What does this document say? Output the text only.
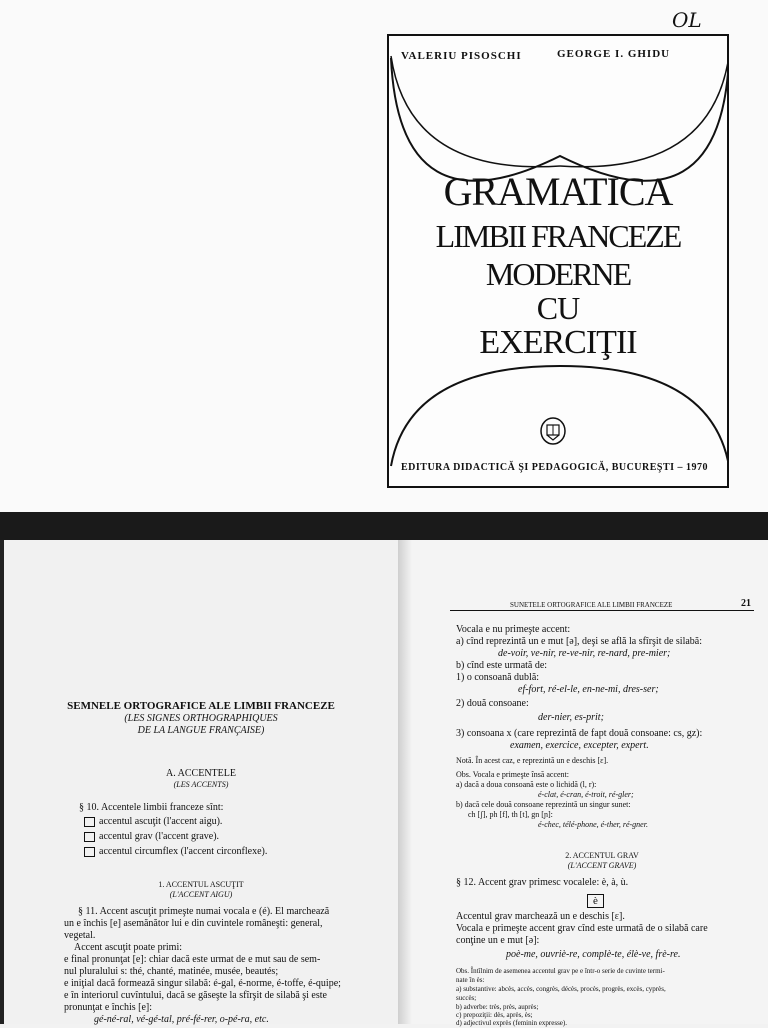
OL
VALERIU PISOSCHI	GEORGE I. GHIDU
GRAMATICA
LIMBII FRANCEZE
MODERNE
CU
EXERCIŢII
EDITURA DIDACTICĂ ŞI PEDAGOGICĂ, BUCUREŞTI – 1970
SEMNELE ORTOGRAFICE ALE LIMBII FRANCEZE
(LES SIGNES ORTHOGRAPHIQUES
DE LA LANGUE FRANÇAISE)
A. ACCENTELE
(LES ACCENTS)
§ 10. Accentele limbii franceze sînt:
accentul ascuţit (l'accent aigu).
accentul grav (l'accent grave).
accentul circumflex (l'accent circonflexe).
1. ACCENTUL ASCUŢIT
(L'ACCENT AIGU)
§ 11. Accent ascuţit primeşte numai vocala e (é). El marchează
un e închis [e] asemănător lui e din cuvintele româneşti: general,
vegetal.
Accent ascuţit poate primi:
e final pronunţat [e]: chiar dacă este urmat de e mut sau de sem-
nul pluralului s: thé, chanté, matinée, musée, beautés;
e iniţial dacă formează singur silabă: é-gal, é-norme, é-toffe, é-quipe;
e în interiorul cuvîntului, dacă se găseşte la sfîrşit de silabă şi este
pronunţat e închis [e]:
gé-né-ral, vé-gé-tal, pré-fé-rer, o-pé-ra, etc.
SUNETELE ORTOGRAFICE ALE LIMBII FRANCEZE	21
Vocala e nu primeşte accent:
a) cînd reprezintă un e mut [ə], deşi se află la sfîrşit de silabă:
de-voir, ve-nir, re-ve-nir, re-nard, pre-mier;
b) cînd este urmată de:
1) o consoană dublă:
ef-fort, ré-el-le, en-ne-mi, dres-ser;
2) două consoane:
der-nier, es-prit;
3) consoana x (care reprezintă de fapt două consoane: cs, gz):
examen, exercice, excepter, expert.
Notă. În acest caz, e reprezintă un e deschis [ɛ].
Obs. Vocala e primeşte însă accent:
a) dacă a doua consoană este o lichidă (l, r):
é-clat, é-cran, é-troit, ré-gler;
b) dacă cele două consoane reprezintă un singur sunet:
ch [ʃ], ph [f], th [t], gn [ɲ]:
é-chec, télé-phone, é-ther, ré-gner.
2. ACCENTUL GRAV
(L'ACCENT GRAVE)
§ 12. Accent grav primesc vocalele: è, à, ù.
è
Accentul grav marchează un e deschis [ɛ].
Vocala e primeşte accent grav cînd este urmată de o silabă care
conţine un e mut [ə]:
poè-me, ouvriè-re, complè-te, élè-ve, frè-re.
Obs. Întîlnim de asemenea accentul grav pe e într-o serie de cuvinte termi-
nate în ès:
a) substantive: abcès, accès, congrès, décès, procès, progrès, excès, cyprès,
succès;
b) adverbe: très, près, auprès;
c) prepoziţii: dès, après, ès;
d) adjectivul exprès (feminin expresse).
